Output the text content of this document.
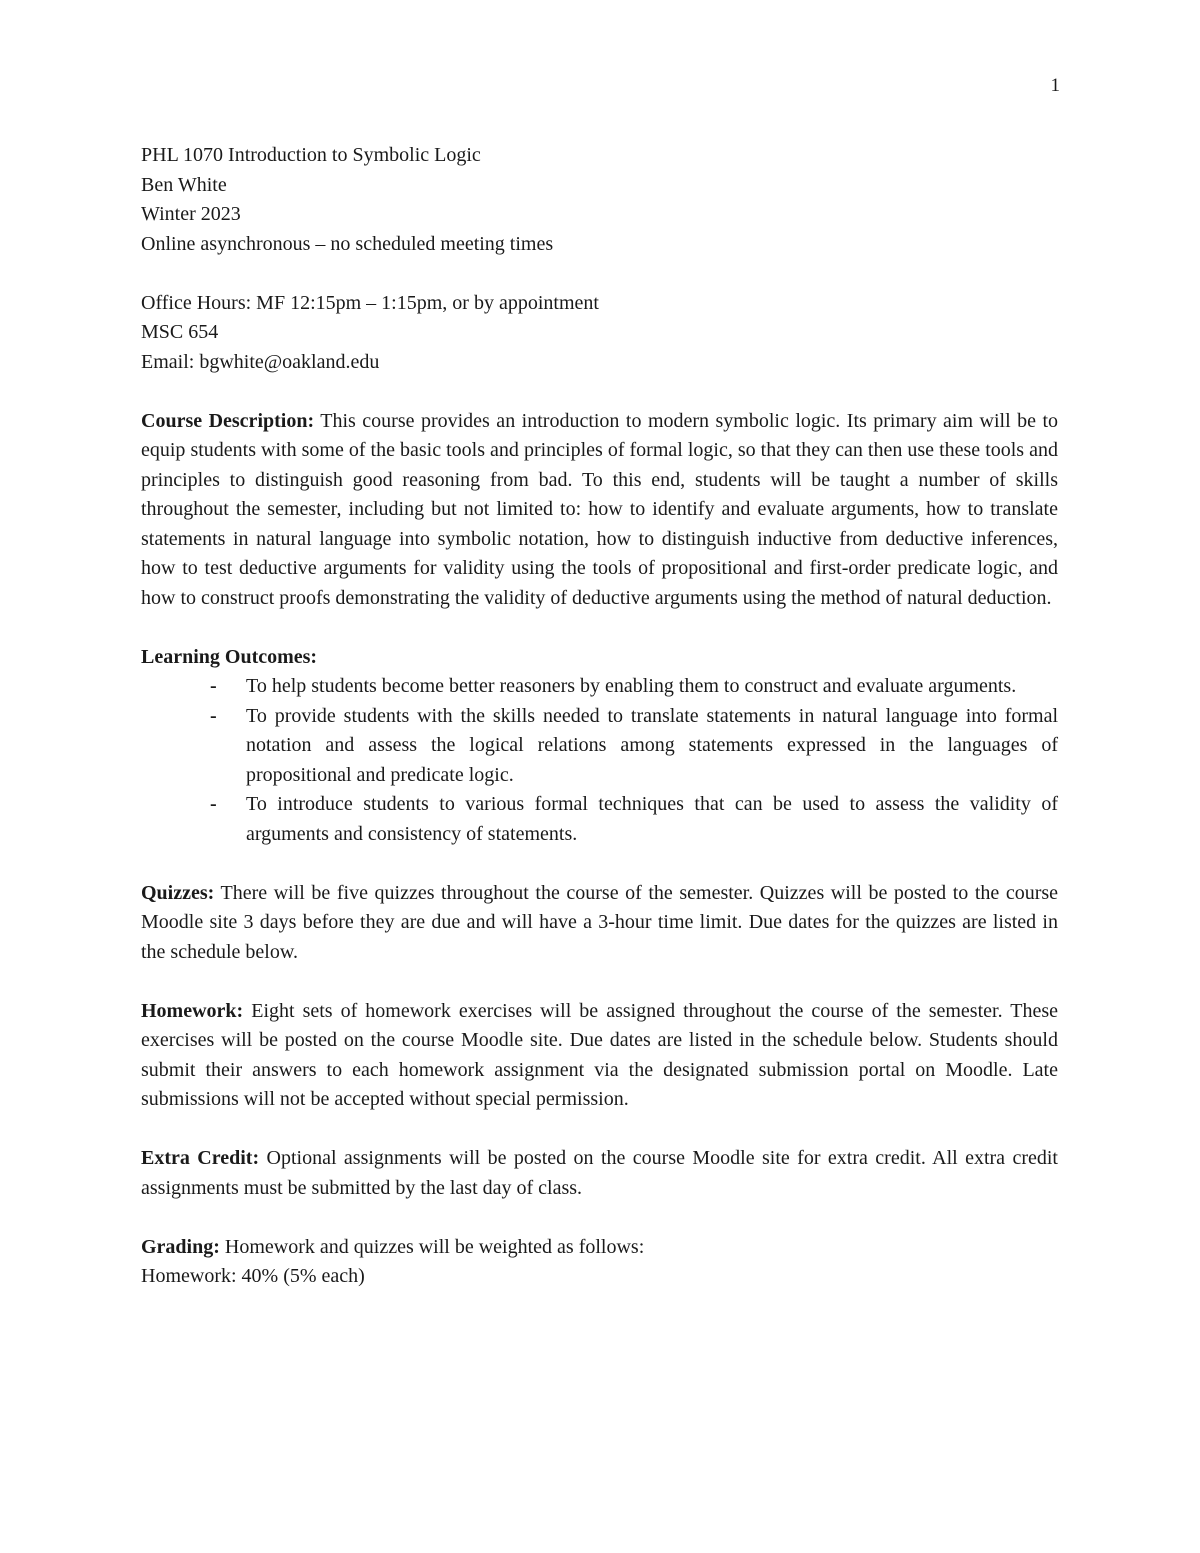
1

PHL 1070 Introduction to Symbolic Logic

Ben White

Winter 2023

Online asynchronous – no scheduled meeting times

Office Hours: MF 12:15pm – 1:15pm, or by appointment

MSC 654

Email: bgwhite@oakland.edu

Course Description: This course provides an introduction to modern symbolic logic. Its primary aim will be to equip students with some of the basic tools and principles of formal logic, so that they can then use these tools and principles to distinguish good reasoning from bad. To this end, students will be taught a number of skills throughout the semester, including but not limited to: how to identify and evaluate arguments, how to translate statements in natural language into symbolic notation, how to distinguish inductive from deductive inferences, how to test deductive arguments for validity using the tools of propositional and first-order predicate logic, and how to construct proofs demonstrating the validity of deductive arguments using the method of natural deduction.

Learning Outcomes:

- To help students become better reasoners by enabling them to construct and evaluate arguments.
- To provide students with the skills needed to translate statements in natural language into formal notation and assess the logical relations among statements expressed in the languages of propositional and predicate logic.
- To introduce students to various formal techniques that can be used to assess the validity of arguments and consistency of statements.

Quizzes: There will be five quizzes throughout the course of the semester. Quizzes will be posted to the course Moodle site 3 days before they are due and will have a 3-hour time limit. Due dates for the quizzes are listed in the schedule below.

Homework: Eight sets of homework exercises will be assigned throughout the course of the semester. These exercises will be posted on the course Moodle site. Due dates are listed in the schedule below. Students should submit their answers to each homework assignment via the designated submission portal on Moodle. Late submissions will not be accepted without special permission.

Extra Credit: Optional assignments will be posted on the course Moodle site for extra credit. All extra credit assignments must be submitted by the last day of class.

Grading: Homework and quizzes will be weighted as follows:

Homework: 40% (5% each)
